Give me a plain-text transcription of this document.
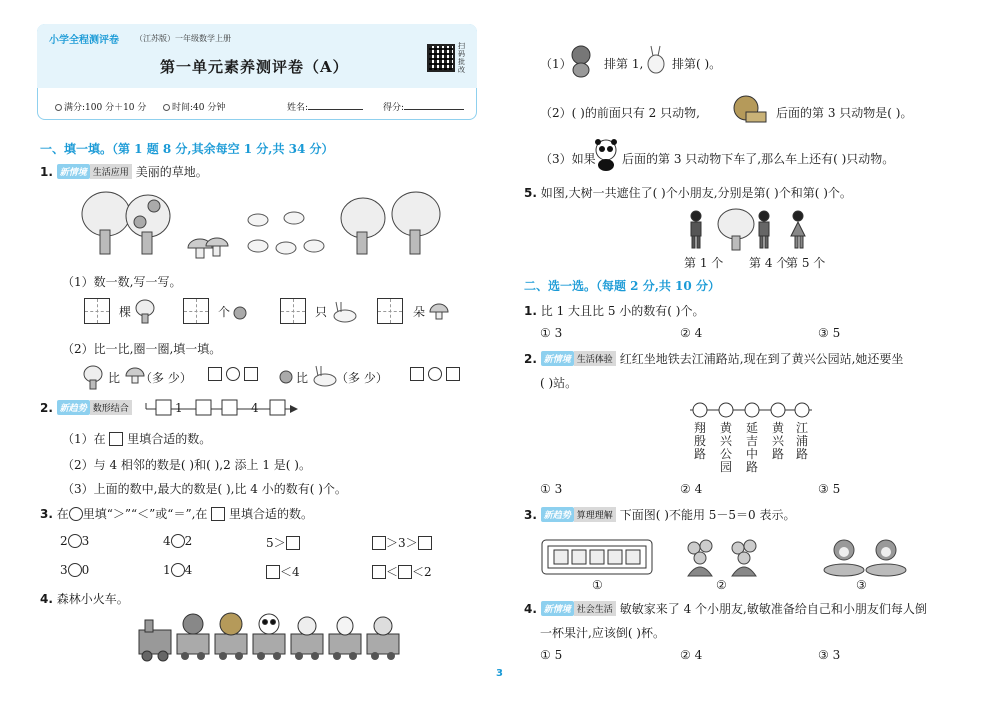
小学全程测评卷 （江苏版）一年级数学上册
第一单元素养测评卷（A）
扫码批改
满分:100 分＋10 分	时间:40 分钟	姓名:	得分:
一、填一填。（第 1 题 8 分,其余每空 1 分,共 34 分）
1. 新情境 生活应用 美丽的草地。
（1）数一数,写一写。
棵	个	只	朵
（2）比一比,圈一圈,填一填。
比 （多 少）
	比 （多 少）

2. 新趋势 数形结合	1	4
（1）在 里填合适的数。
（2）与 4 相邻的数是( )和( ),2 添上 1 是( )。
（3）上面的数中,最大的数是( ),比 4 小的数有( )个。
3. 在 里填“＞”“＜”或“＝”,在 里填合适的数。
2 3	4 2	5＞	＞3＞
3 0	1 4	＜4	＜ ＜2
4. 森林小火车。
（1）	排第 1, 排第( )。
（2）( )的前面只有 2 只动物,	后面的第 3 只动物是( )。
（3）如果 后面的第 3 只动物下车了,那么车上还有( )只动物。
5. 如图,大树一共遮住了( )个小朋友,分别是第( )个和第( )个。
第 1 个 第 4 个
第 5 个
二、选一选。（每题 2 分,共 10 分）
1. 比 1 大且比 5 小的数有( )个。
① 3	② 4	③ 5
2. 新情境 生活体验 红红坐地铁去江浦路站,现在到了黄兴公园站,她还要坐
( )站。
翔殷路
黄兴公园
延吉中路
黄兴路
江浦路
① 3	② 4	③ 5
3. 新趋势 算理理解 下面图( )不能用 5－5＝0 表示。
①	②	③
4. 新情境 社会生活 敏敏家来了 4 个小朋友,敏敏准备给自己和小朋友们每人倒
一杯果汁,应该倒( )杯。
① 5	② 4	③ 3
3
